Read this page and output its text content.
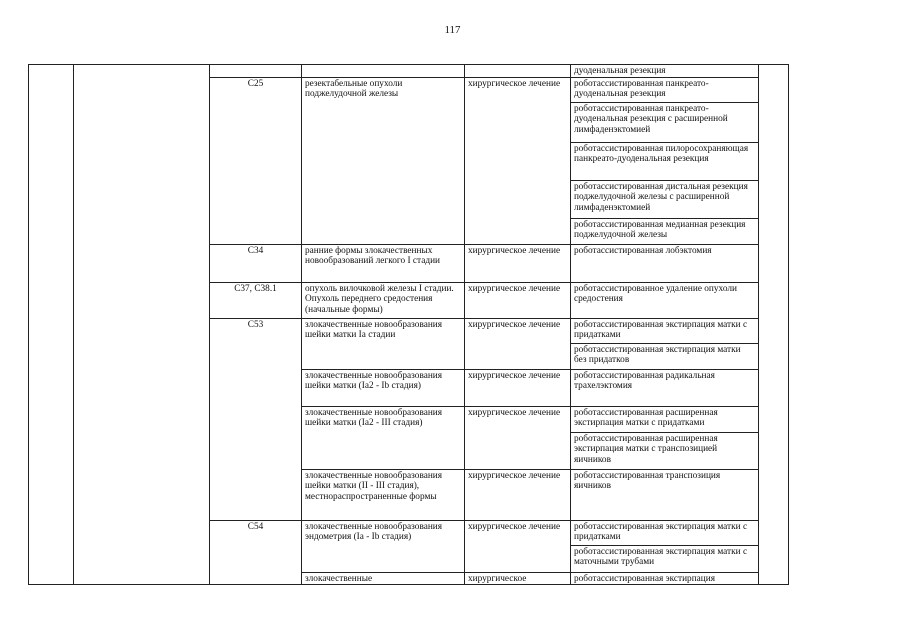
117

					дуоденальная резекция	

		C25	резектабельные опухоли поджелудочной железы	хирургическое лечение	роботассистированная панкреато-дуоденальная резекция	

					роботассистированная панкреато-дуоденальная резекция с расширенной лимфаденэктомией	

					роботассистированная пилоросохраняющая панкреато-дуоденальная резекция	

					роботассистированная дистальная резекция поджелудочной железы с расширенной лимфаденэктомией	

					роботассистированная медианная резекция поджелудочной железы	

		C34	ранние формы злокачественных новообразований легкого I стадии	хирургическое лечение	роботассистированная лобэктомия	

		C37, C38.1	опухоль вилочковой железы I стадии. Опухоль переднего средостения (начальные формы)	хирургическое лечение	роботассистированное удаление опухоли средостения	

		C53	злокачественные новообразования шейки матки Ia стадии	хирургическое лечение	роботассистированная экстирпация матки с придатками	

					роботассистированная экстирпация матки без придатков	

			злокачественные новообразования шейки матки (Ia2 - Ib стадия)	хирургическое лечение	роботассистированная радикальная трахелэктомия	

			злокачественные новообразования шейки матки (Ia2 - III стадия)	хирургическое лечение	роботассистированная расширенная экстирпация матки с придатками	

					роботассистированная расширенная экстирпация матки с транспозицией яичников	

			злокачественные новообразования шейки матки (II - III стадия), местнораспространенные формы	хирургическое лечение	роботассистированная транспозиция яичников	

		C54	злокачественные новообразования эндометрия (Ia - Ib стадия)	хирургическое лечение	роботассистированная экстирпация матки с придатками	

					роботассистированная экстирпация матки с маточными трубами	

			злокачественные	хирургическое	роботассистированная экстирпация	
